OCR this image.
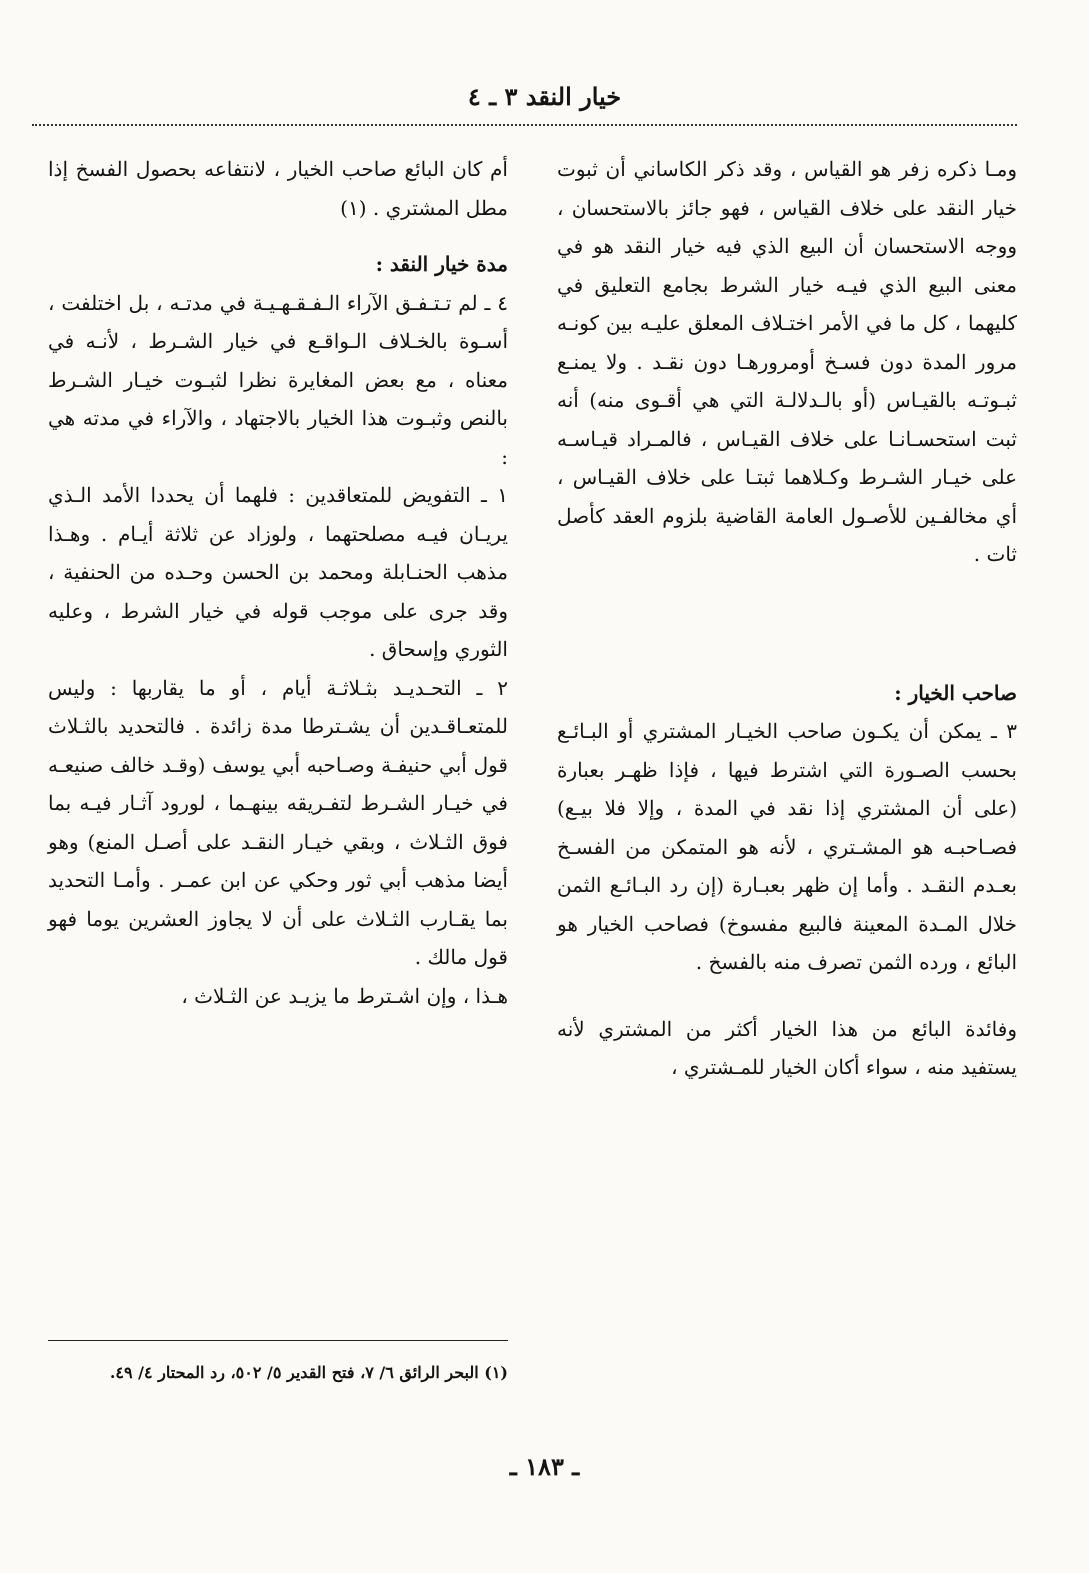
خيار النقد ٣ ـ ٤

ومـا ذكره زفر هو القياس ، وقد ذكر الكاساني أن ثبوت خيار النقد على خلاف القياس ، فهو جائز بالاستحسان ، ووجه الاستحسان أن البيع الذي فيه خيار النقد هو في معنى البيع الذي فيـه خيار الشرط بجامع التعليق في كليهما ، كل ما في الأمر اختـلاف المعلق عليـه بين كونـه مرور المدة دون فسـخ أومرورهـا دون نقـد . ولا يمنـع ثبـوتـه بالقيـاس (أو بالـدلالـة التي هي أقـوى منه) أنه ثبت استحسـانـا على خلاف القيـاس ، فالمـراد قيـاسـه على خيـار الشـرط وكـلاهما ثبتـا على خلاف القيـاس ، أي مخالفـين للأصـول العامة القاضية بلزوم العقد كأصل ثات .

صاحب الخيار :

٣ ـ يمكن أن يكـون صاحب الخيـار المشتري أو البـائـع بحسب الصـورة التي اشترط فيها ، فإذا ظهـر بعبارة (على أن المشتري إذا نقد في المدة ، وإلا فلا بيـع) فصـاحبـه هو المشـتري ، لأنه هو المتمكن من الفسـخ بعـدم النقـد . وأما إن ظهر بعبـارة (إن رد البـائـع الثمن خلال المـدة المعينة فالبيع مفسوخ) فصاحب الخيار هو البائع ، ورده الثمن تصرف منه بالفسخ .

وفائدة البائع من هذا الخيار أكثر من المشتري لأنه يستفيد منه ، سواء أكان الخيار للمـشتري ،

أم كان البائع صاحب الخيار ، لانتفاعه بحصول الفسخ إذا مطل المشتري . (١)

مدة خيار النقد :

٤ ـ لم تـتـفـق الآراء الـفـقـهـيـة في مدتـه ، بل اختلفت ، أسـوة بالخـلاف الـواقـع في خيار الشـرط ، لأنـه في معناه ، مع بعض المغايرة نظرا لثبـوت خيـار الشـرط بالنص وثبـوت هذا الخيار بالاجتهاد ، والآراء في مدته هي :

١ ـ التفويض للمتعاقدين : فلهما أن يحددا الأمد الـذي يريـان فيـه مصلحتهما ، ولوزاد عن ثلاثة أيـام . وهـذا مذهب الحنـابلة ومحمد بن الحسن وحـده من الحنفية ، وقد جرى على موجب قوله في خيار الشرط ، وعليه الثوري وإسحاق .

٢ ـ التحـديـد بثـلاثـة أيام ، أو ما يقاربها : وليس للمتعـاقـدين أن يشـترطا مدة زائدة . فالتحديد بالثـلاث قول أبي حنيفـة وصـاحبه أبي يوسف (وقـد خالف صنيعـه في خيـار الشـرط لتفـريقه بينهـما ، لورود آثـار فيـه بما فوق الثـلاث ، وبقي خيـار النقـد على أصـل المنع) وهو أيضا مذهب أبي ثور وحكي عن ابن عمـر . وأمـا التحديد بما يقـارب الثـلاث على أن لا يجاوز العشرين يوما فهو قول مالك .

هـذا ، وإن اشـترط ما يزيـد عن الثـلاث ،

(١) البحر الرائق ٦/ ٧، فتح القدير ٥/ ٥٠٢، رد المحتار ٤/ ٤٩.
ـ ١٨٣ ـ
